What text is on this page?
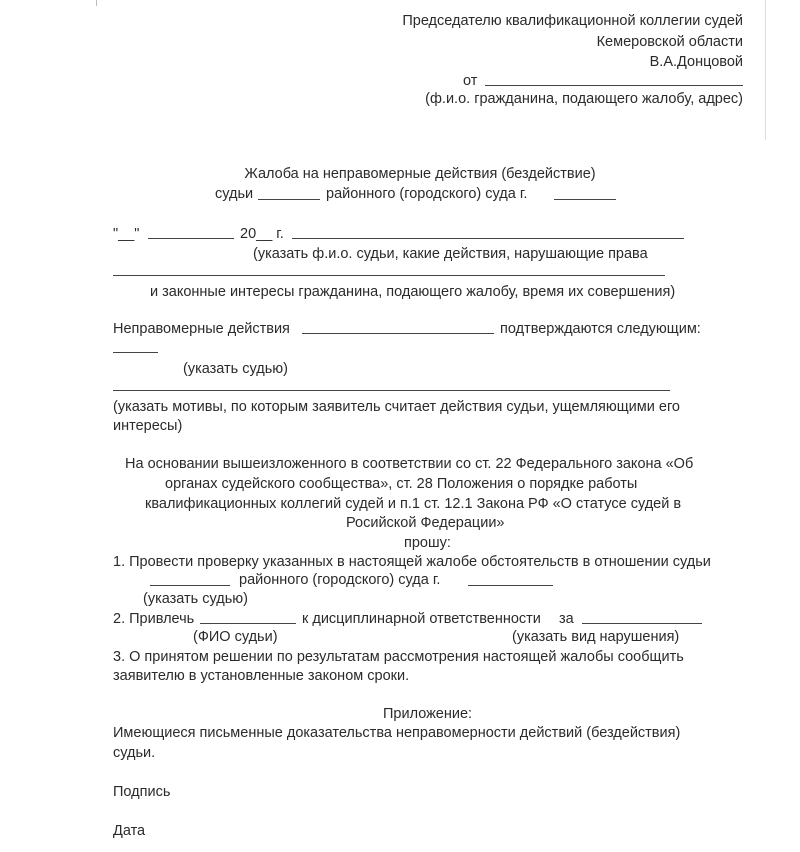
Председателю квалификационной коллегии судей
Кемеровской области
В.А.Донцовой
от
(ф.и.о. гражданина, подающего жалобу, адрес)
Жалоба на неправомерные действия (бездействие)
судьи	районного (городского) суда г.
"__"	20__ г.
(указать ф.и.о. судьи, какие действия, нарушающие права
и законные интересы гражданина, подающего жалобу, время их совершения)
Неправомерные действия	подтверждаются следующим:
(указать судью)
(указать мотивы, по которым заявитель считает действия судьи, ущемляющими его
интересы)
На основании вышеизложенного в соответствии со ст. 22 Федерального закона «Об
органах судейского сообщества», ст. 28 Положения о порядке работы
квалификационных коллегий судей и п.1 ст. 12.1 Закона РФ «О статусе судей в
Росийской Федерации»
прошу:
1. Провести проверку указанных в настоящей жалобе обстоятельств в отношении судьи
районного (городского) суда г.
(указать судью)
2. Привлечь	к дисциплинарной ответственности за
(ФИО судьи)	(указать вид нарушения)
3. О принятом решении по результатам рассмотрения настоящей жалобы сообщить
заявителю в установленные законом сроки.
Приложение:
Имеющиеся письменные доказательства неправомерности действий (бездействия)
судьи.
Подпись
Дата
